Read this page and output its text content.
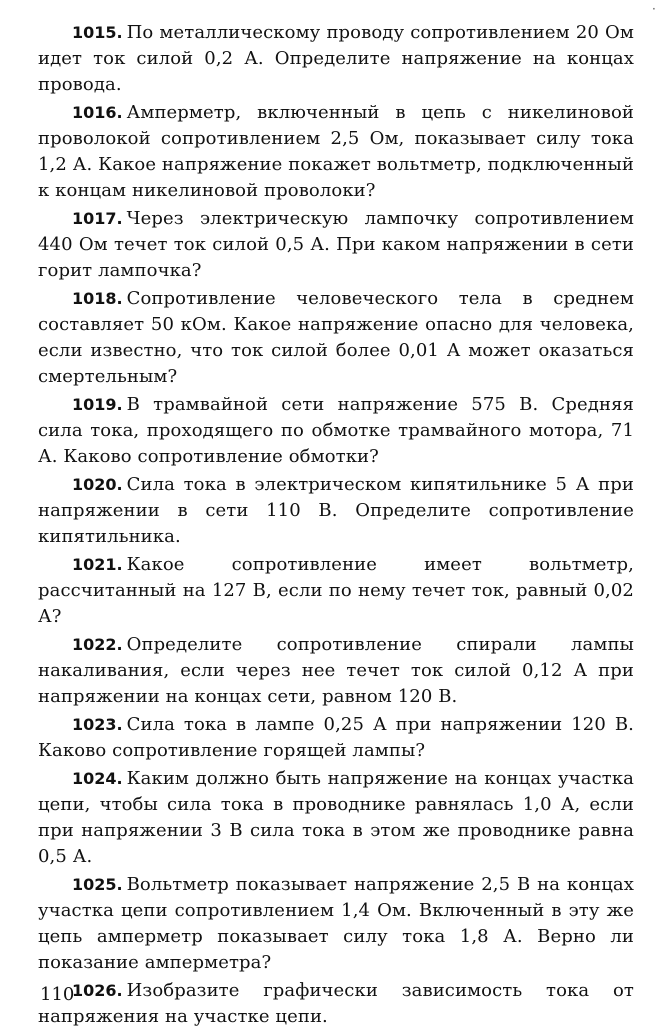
·

1015. По металлическому проводу сопротивлением 20 Ом идет ток силой 0,2 А. Определите напряжение на концах провода.

1016. Амперметр, включенный в цепь с никелиновой проволокой сопротивлением 2,5 Ом, показывает силу тока 1,2 А. Какое напряжение покажет вольтметр, подключенный к концам никелиновой проволоки?

1017. Через электрическую лампочку сопротивлением 440 Ом течет ток силой 0,5 А. При каком напряжении в сети горит лампочка?

1018. Сопротивление человеческого тела в среднем составляет 50 кОм. Какое напряжение опасно для человека, если известно, что ток силой более 0,01 А может оказаться смертельным?

1019. В трамвайной сети напряжение 575 В. Средняя сила тока, проходящего по обмотке трамвайного мотора, 71 А. Каково сопротивление обмотки?

1020. Сила тока в электрическом кипятильнике 5 А при напряжении в сети 110 В. Определите сопротивление кипятильника.

1021. Какое сопротивление имеет вольтметр, рассчитанный на 127 В, если по нему течет ток, равный 0,02 А?

1022. Определите сопротивление спирали лампы накаливания, если через нее течет ток силой 0,12 А при напряжении на концах сети, равном 120 В.

1023. Сила тока в лампе 0,25 А при напряжении 120 В. Каково сопротивление горящей лампы?

1024. Каким должно быть напряжение на концах участка цепи, чтобы сила тока в проводнике равнялась 1,0 А, если при напряжении 3 В сила тока в этом же проводнике равна 0,5 А.

1025. Вольтметр показывает напряжение 2,5 В на концах участка цепи сопротивлением 1,4 Ом. Включенный в эту же цепь амперметр показывает силу тока 1,8 А. Верно ли показание амперметра?

1026. Изобразите графически зависимость тока от напряжения на участке цепи.

110
